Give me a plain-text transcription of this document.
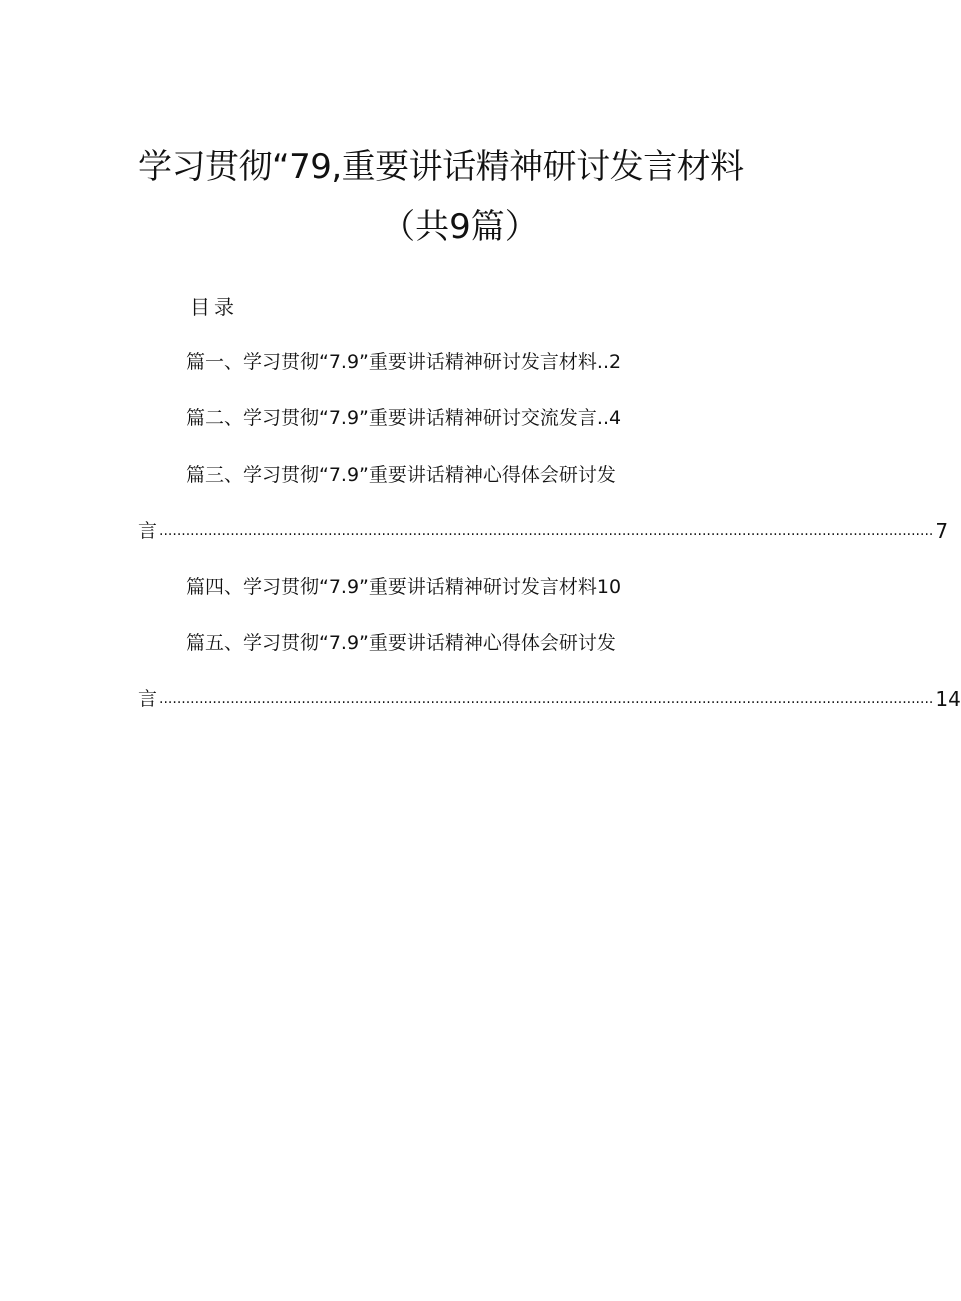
学习贯彻“79,重要讲话精神研讨发言材料
（共9篇）
目录
篇一、学习贯彻“7.9”重要讲话精神研讨发言材料..2
篇二、学习贯彻“7.9”重要讲话精神研讨交流发言..4
篇三、学习贯彻“7.9”重要讲话精神心得体会研讨发
言 .............................................................................................................................................................................. 7
篇四、学习贯彻“7.9”重要讲话精神研讨发言材料10
篇五、学习贯彻“7.9”重要讲话精神心得体会研讨发
言 .............................................................................................................................................................................. 14
